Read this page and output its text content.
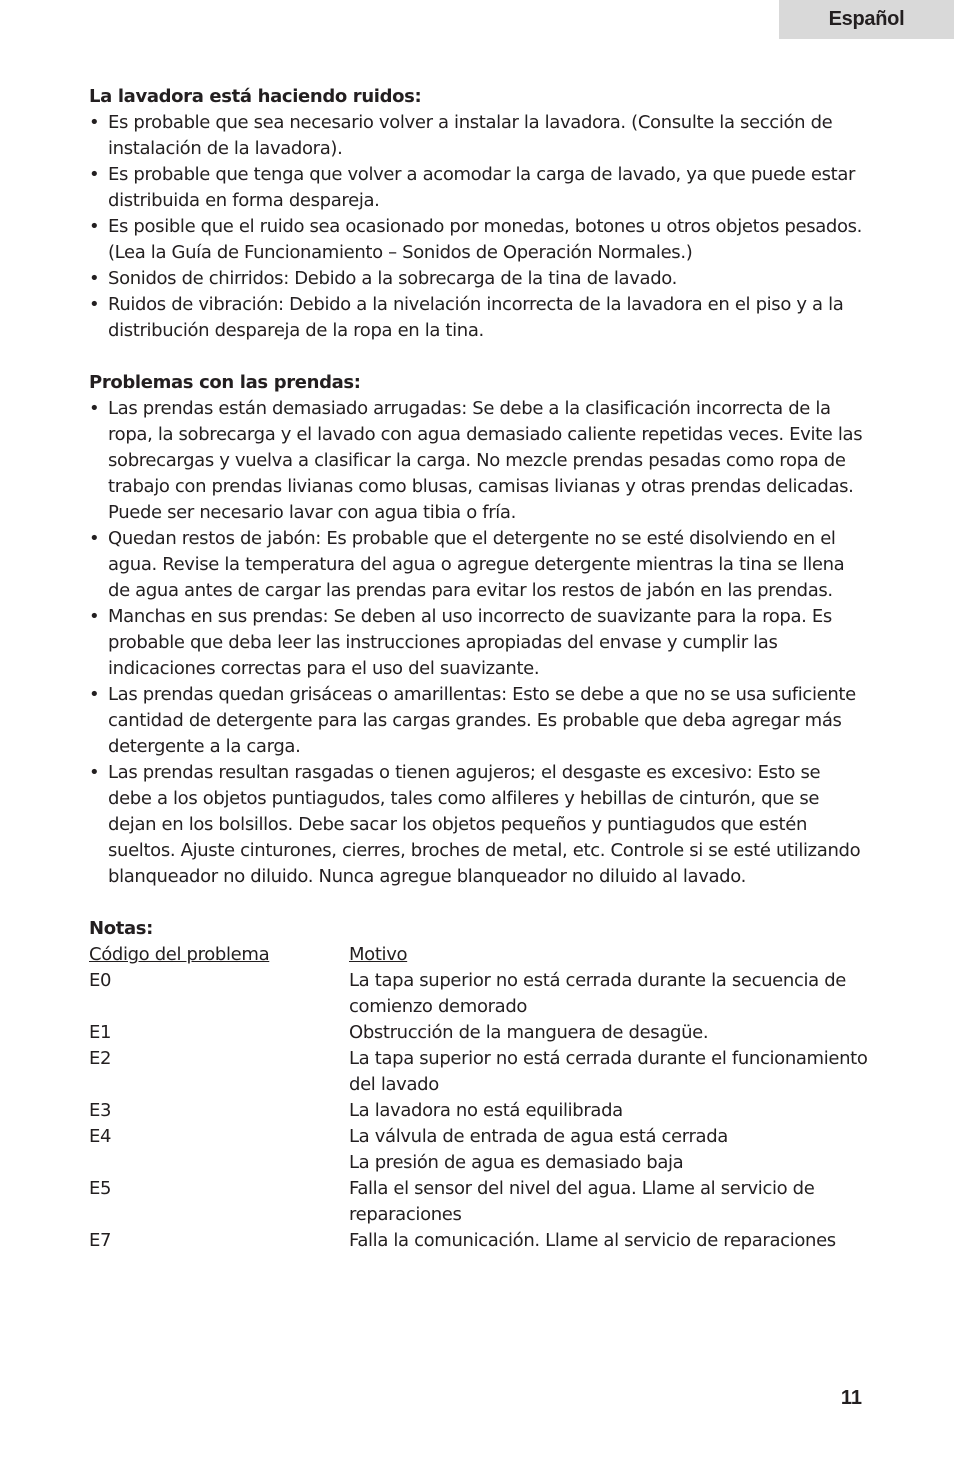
Español

La lavadora está haciendo ruidos:

• Es probable que sea necesario volver a instalar la lavadora. (Consulte la sección de instalación de la lavadora).
• Es probable que tenga que volver a acomodar la carga de lavado, ya que puede estar distribuida en forma despareja.
• Es posible que el ruido sea ocasionado por monedas, botones u otros objetos pesados. (Lea la Guía de Funcionamiento – Sonidos de Operación Normales.)
• Sonidos de chirridos: Debido a la sobrecarga de la tina de lavado.
• Ruidos de vibración: Debido a la nivelación incorrecta de la lavadora en el piso y a la distribución despareja de la ropa en la tina.

Problemas con las prendas:

• Las prendas están demasiado arrugadas: Se debe a la clasificación incorrecta de la ropa, la sobrecarga y el lavado con agua demasiado caliente repetidas veces. Evite las sobrecargas y vuelva a clasificar la carga. No mezcle prendas pesadas como ropa de trabajo con prendas livianas como blusas, camisas livianas y otras prendas delicadas. Puede ser necesario lavar con agua tibia o fría.
• Quedan restos de jabón: Es probable que el detergente no se esté disolviendo en el agua. Revise la temperatura del agua o agregue detergente mientras la tina se llena de agua antes de cargar las prendas para evitar los restos de jabón en las prendas.
• Manchas en sus prendas: Se deben al uso incorrecto de suavizante para la ropa. Es probable que deba leer las instrucciones apropiadas del envase y cumplir las indicaciones correctas para el uso del suavizante.
• Las prendas quedan grisáceas o amarillentas: Esto se debe a que no se usa suficiente cantidad de detergente para las cargas grandes. Es probable que deba agregar más detergente a la carga.
• Las prendas resultan rasgadas o tienen agujeros; el desgaste es excesivo: Esto se debe a los objetos puntiagudos, tales como alfileres y hebillas de cinturón, que se dejan en los bolsillos. Debe sacar los objetos pequeños y puntiagudos que estén sueltos. Ajuste cinturones, cierres, broches de metal, etc. Controle si se esté utilizando blanqueador no diluido. Nunca agregue blanqueador no diluido al lavado.

Notas:

Código del problema	Motivo
E0	La tapa superior no está cerrada durante la secuencia de comienzo demorado
E1	Obstrucción de la manguera de desagüe.
E2	La tapa superior no está cerrada durante el funcionamiento del lavado
E3	La lavadora no está equilibrada
E4	La válvula de entrada de agua está cerrada
La presión de agua es demasiado baja
E5	Falla el sensor del nivel del agua. Llame al servicio de reparaciones
E7	Falla la comunicación. Llame al servicio de reparaciones
11
